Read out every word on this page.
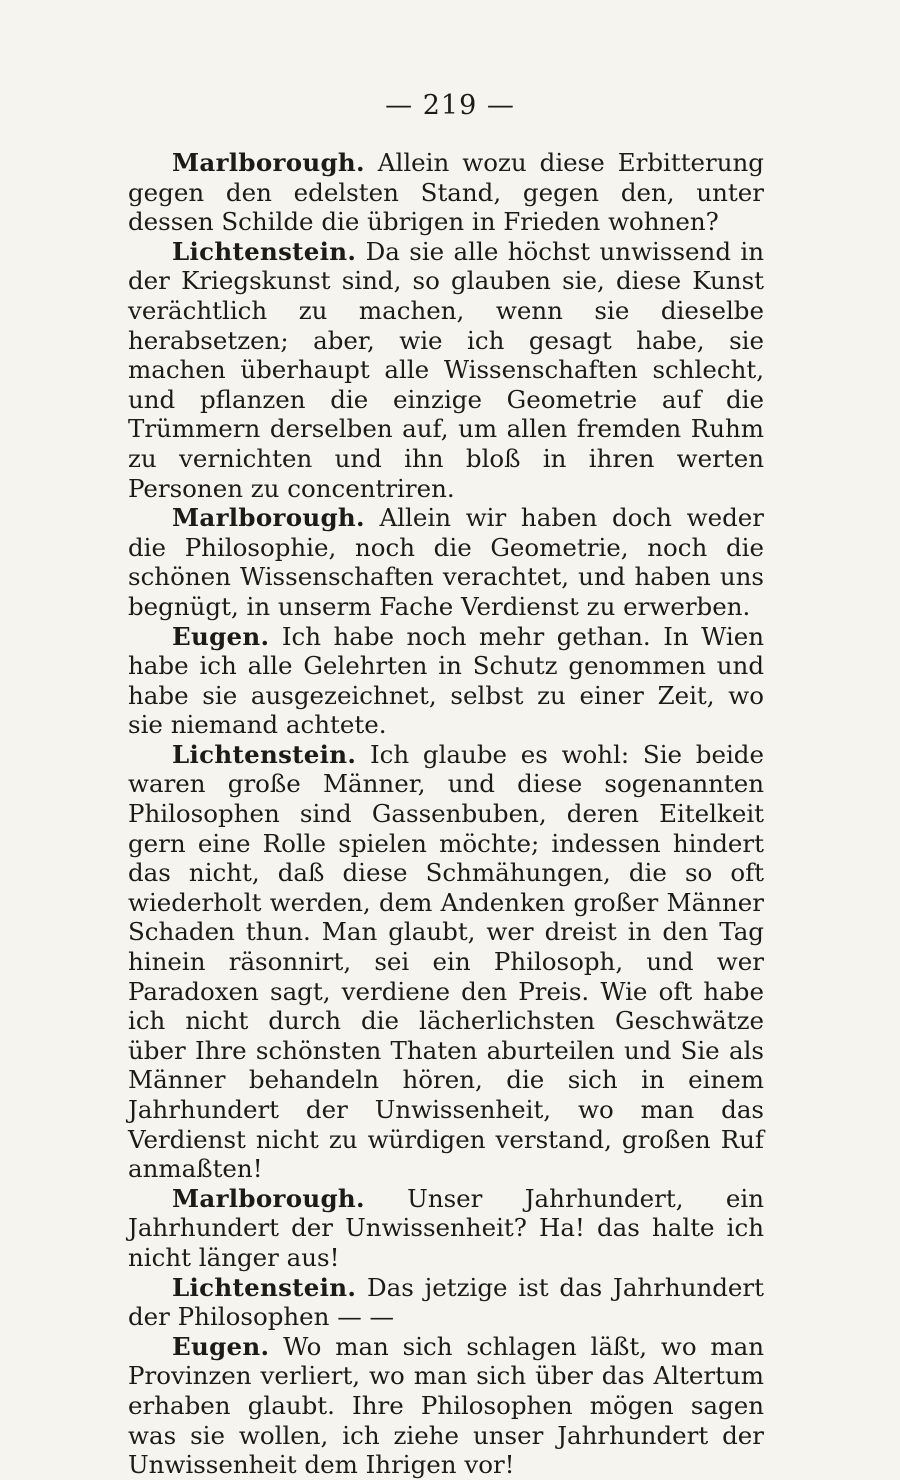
— 219 —

Marlborough. Allein wozu diese Erbitterung gegen den edelsten Stand, gegen den, unter dessen Schilde die übrigen in Frieden wohnen?

Lichtenstein. Da sie alle höchst unwissend in der Kriegskunst sind, so glauben sie, diese Kunst verächtlich zu machen, wenn sie dieselbe herabsetzen; aber, wie ich gesagt habe, sie machen überhaupt alle Wissenschaften schlecht, und pflanzen die einzige Geometrie auf die Trümmern derselben auf, um allen fremden Ruhm zu vernichten und ihn bloß in ihren werten Personen zu concentriren.

Marlborough. Allein wir haben doch weder die Philosophie, noch die Geometrie, noch die schönen Wissenschaften verachtet, und haben uns begnügt, in unserm Fache Verdienst zu erwerben.

Eugen. Ich habe noch mehr gethan. In Wien habe ich alle Gelehrten in Schutz genommen und habe sie ausgezeichnet, selbst zu einer Zeit, wo sie niemand achtete.

Lichtenstein. Ich glaube es wohl: Sie beide waren große Männer, und diese sogenannten Philosophen sind Gassenbuben, deren Eitelkeit gern eine Rolle spielen möchte; indessen hindert das nicht, daß diese Schmähungen, die so oft wiederholt werden, dem Andenken großer Männer Schaden thun. Man glaubt, wer dreist in den Tag hinein räsonnirt, sei ein Philosoph, und wer Paradoxen sagt, verdiene den Preis. Wie oft habe ich nicht durch die lächerlichsten Geschwätze über Ihre schönsten Thaten aburteilen und Sie als Männer behandeln hören, die sich in einem Jahrhundert der Unwissenheit, wo man das Verdienst nicht zu würdigen verstand, großen Ruf anmaßten!

Marlborough. Unser Jahrhundert, ein Jahrhundert der Unwissenheit? Ha! das halte ich nicht länger aus!

Lichtenstein. Das jetzige ist das Jahrhundert der Philosophen — —

Eugen. Wo man sich schlagen läßt, wo man Provinzen verliert, wo man sich über das Altertum erhaben glaubt. Ihre Philosophen mögen sagen was sie wollen, ich ziehe unser Jahrhundert der Unwissenheit dem Ihrigen vor!
